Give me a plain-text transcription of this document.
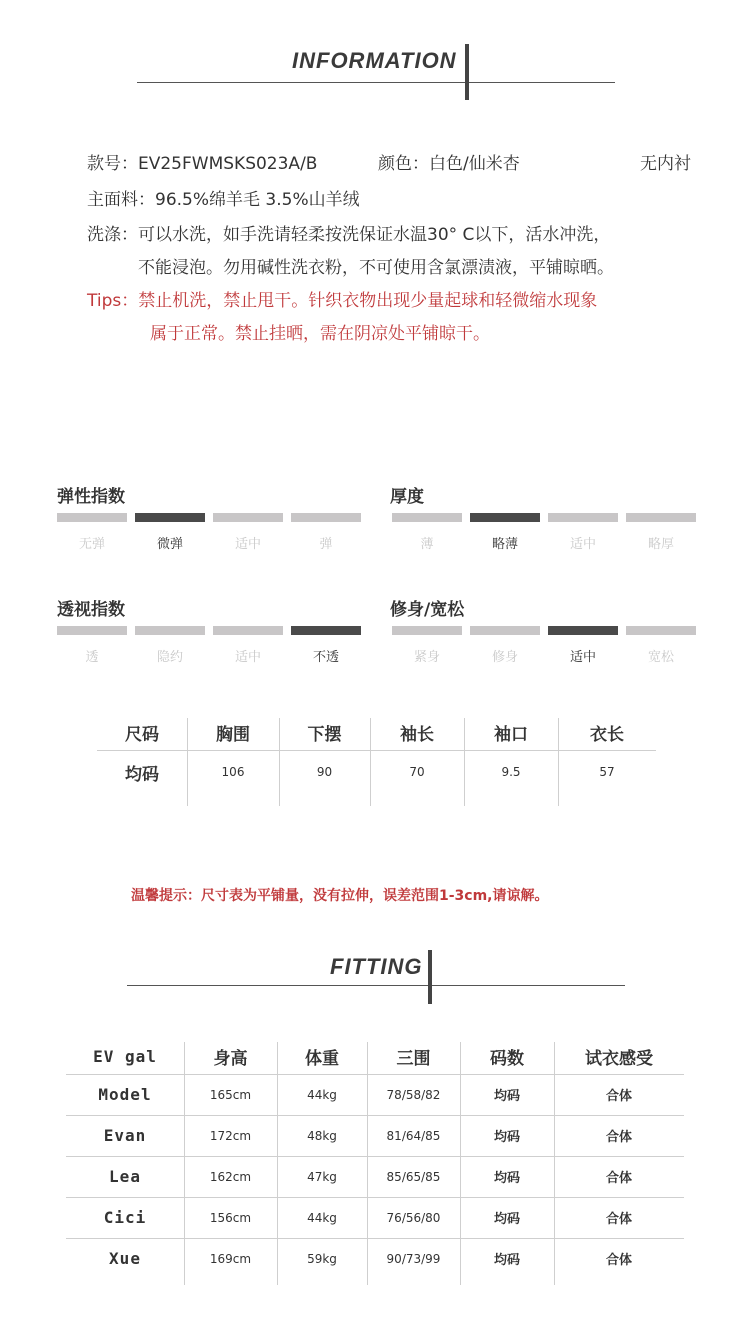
INFORMATION
款号：EV25FWMSKS023A/B	颜色：白色/仙米杏	无内衬
主面料：96.5%绵羊毛 3.5%山羊绒
洗涤：可以水洗，如手洗请轻柔按洗保证水温30° C以下，活水冲洗，
不能浸泡。勿用碱性洗衣粉，不可使用含氯漂渍液，平铺晾晒。
Tips：禁止机洗，禁止甩干。针织衣物出现少量起球和轻微缩水现象
属于正常。禁止挂晒，需在阴凉处平铺晾干。
弹性指数
无弹	微弹	适中	弹
厚度
薄	略薄	适中	略厚
透视指数
透	隐约	适中	不透
修身/宽松
紧身	修身	适中	宽松
尺码	胸围	下摆	袖长	袖口	衣长
均码	106	90	70	9.5	57
温馨提示：尺寸表为平铺量，没有拉伸，误差范围1-3cm,请谅解。
FITTING
EV gal	身高	体重	三围	码数	试衣感受
Model	165cm	44kg	78/58/82	均码	合体
Evan	172cm	48kg	81/64/85	均码	合体
Lea	162cm	47kg	85/65/85	均码	合体
Cici	156cm	44kg	76/56/80	均码	合体
Xue	169cm	59kg	90/73/99	均码	合体
